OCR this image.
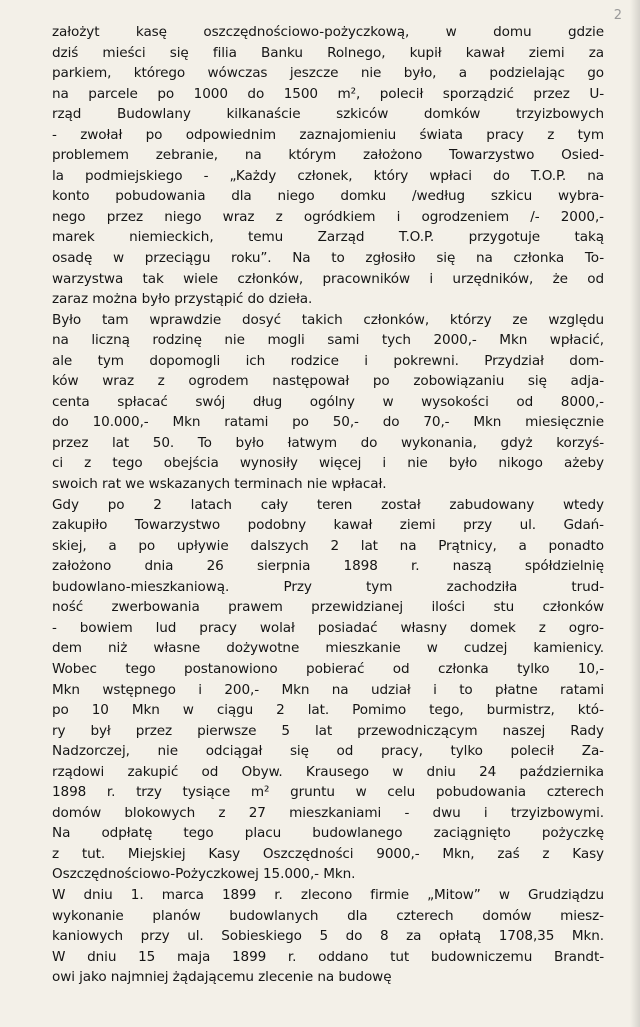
2
założyt kasę oszczędnościowo-pożyczkową, w domu gdzie
dziś mieści się filia Banku Rolnego, kupił kawał ziemi za
parkiem, którego wówczas jeszcze nie było, a podzielając go
na parcele po 1000 do 1500 m², polecił sporządzić przez U-
rząd Budowlany kilkanaście szkiców domków trzyizbowych
- zwołał po odpowiednim zaznajomieniu świata pracy z tym
problemem zebranie, na którym założono Towarzystwo Osied-
la podmiejskiego - „Każdy członek, który wpłaci do T.O.P. na
konto pobudowania dla niego domku /według szkicu wybra-
nego przez niego wraz z ogródkiem i ogrodzeniem /- 2000,-
marek niemieckich, temu Zarząd T.O.P. przygotuje taką
osadę w przeciągu roku”. Na to zgłosiło się na członka To-
warzystwa tak wiele członków, pracowników i urzędników, że od
zaraz można było przystąpić do dzieła.
Było tam wprawdzie dosyć takich członków, którzy ze względu
na liczną rodzinę nie mogli sami tych 2000,- Mkn wpłacić,
ale tym dopomogli ich rodzice i pokrewni. Przydział dom-
ków wraz z ogrodem następował po zobowiązaniu się adja-
centa spłacać swój dług ogólny w wysokości od 8000,-
do 10.000,- Mkn ratami po 50,- do 70,- Mkn miesięcznie
przez lat 50. To było łatwym do wykonania, gdyż korzyś-
ci z tego obejścia wynosiły więcej i nie było nikogo ażeby
swoich rat we wskazanych terminach nie wpłacał.
Gdy po 2 latach cały teren został zabudowany wtedy
zakupiło Towarzystwo podobny kawał ziemi przy ul. Gdań-
skiej, a po upływie dalszych 2 lat na Prątnicy, a ponadto
założono dnia 26 sierpnia 1898 r. naszą spółdzielnię
budowlano-mieszkaniową. Przy tym zachodziła trud-
ność zwerbowania prawem przewidzianej ilości stu członków
- bowiem lud pracy wolał posiadać własny domek z ogro-
dem niż własne dożywotne mieszkanie w cudzej kamienicy.
Wobec tego postanowiono pobierać od członka tylko 10,-
Mkn wstępnego i 200,- Mkn na udział i to płatne ratami
po 10 Mkn w ciągu 2 lat. Pomimo tego, burmistrz, któ-
ry był przez pierwsze 5 lat przewodniczącym naszej Rady
Nadzorczej, nie odciągał się od pracy, tylko polecił Za-
rządowi zakupić od Obyw. Krausego w dniu 24 października
1898 r. trzy tysiące m² gruntu w celu pobudowania czterech
domów blokowych z 27 mieszkaniami - dwu i trzyizbowymi.
Na odpłatę tego placu budowlanego zaciągnięto pożyczkę
z tut. Miejskiej Kasy Oszczędności 9000,- Mkn, zaś z Kasy
Oszczędnościowo-Pożyczkowej 15.000,- Mkn.
W dniu 1. marca 1899 r. zlecono firmie „Mitow” w Grudziądzu
wykonanie planów budowlanych dla czterech domów miesz-
kaniowych przy ul. Sobieskiego 5 do 8 za opłatą 1708,35 Mkn.
W dniu 15 maja 1899 r. oddano tut budowniczemu Brandt-
owi jako najmniej żądającemu zlecenie na budowę
